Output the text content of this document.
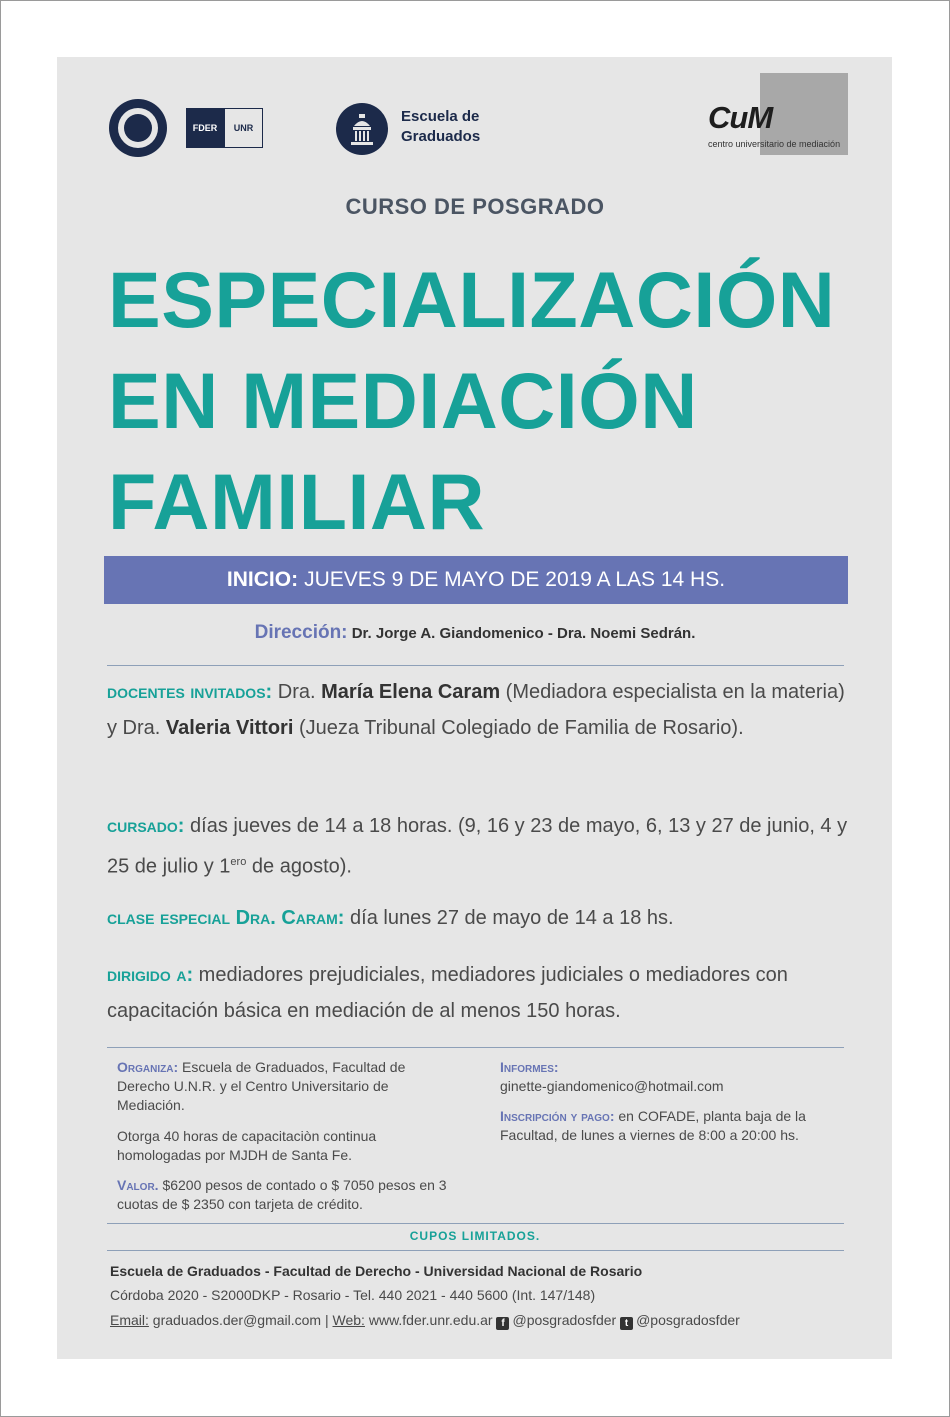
FDER	UNR
Escuela de
Graduados
CuM
centro universitario de mediación
CURSO DE POSGRADO
ESPECIALIZACIÓN
EN MEDIACIÓN
FAMILIAR
INICIO: JUEVES 9 DE MAYO DE 2019 A LAS 14 HS.
Dirección: Dr. Jorge A. Giandomenico - Dra. Noemi Sedrán.
docentes invitados: Dra. María Elena Caram (Mediadora especialista en la materia) y Dra. Valeria Vittori (Jueza Tribunal Colegiado de Familia de Rosario).
cursado: días jueves de 14 a 18 horas. (9, 16 y 23 de mayo, 6, 13 y 27 de junio, 4 y 25 de julio y $1^{ero}$ de agosto).
clase especial Dra. Caram: día lunes 27 de mayo de 14 a 18 hs.
dirigido a: mediadores prejudiciales, mediadores judiciales o mediadores con capacitación básica en mediación de al menos 150 horas.
Organiza: Escuela de Graduados, Facultad de Derecho U.N.R. y el Centro Universitario de Mediación.
Otorga 40 horas de capacitaciòn continua homologadas por MJDH de Santa Fe.
Valor. $6200 pesos de contado o $ 7050 pesos en 3 cuotas de $ 2350 con tarjeta de crédito.
Informes:
ginette-giandomenico@hotmail.com
Inscripción y pago: en COFADE, planta baja de la Facultad, de lunes a viernes de 8:00 a 20:00 hs.
CUPOS LIMITADOS.
Escuela de Graduados - Facultad de Derecho - Universidad Nacional de Rosario
Córdoba 2020 - S2000DKP - Rosario - Tel. 440 2021 - 440 5600 (Int. 147/148)
Email: graduados.der@gmail.com | Web: www.fder.unr.edu.ar f @posgradosfder t @posgradosfder
